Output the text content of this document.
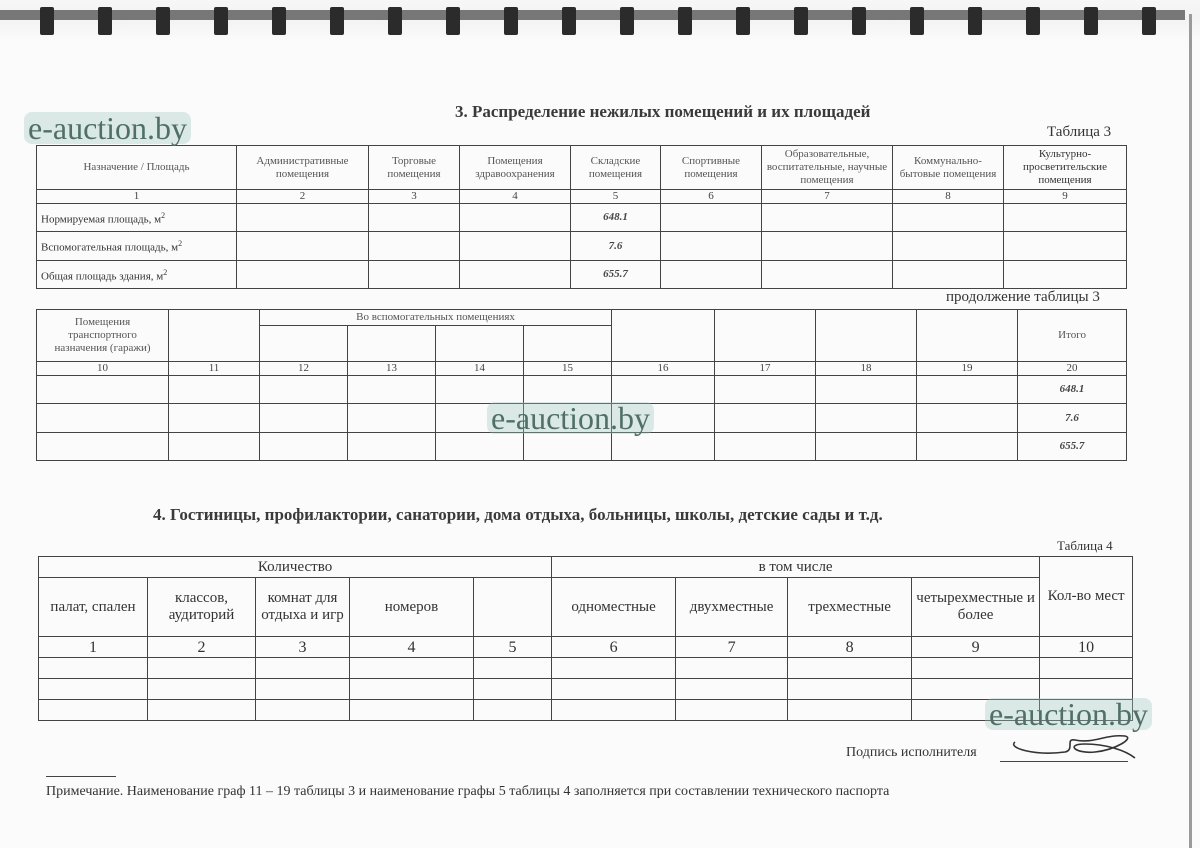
3. Распределение нежилых помещений и их площадей
Таблица 3
Назначение / Площадь	Административные помещения	Торговые помещения	Помещения здравоохранения	Складские помещения	Спортивные помещения	Образовательные, воспитательные, научные помещения	Коммунально-бытовые помещения	Культурно-просветительские помещения
1	2	3	4	5	6	7	8	9
Нормируемая площадь, $м^2$				648.1				
Вспомогательная площадь, $м^2$				7.6				
Общая площадь здания, $м^2$				655.7				
продолжение таблицы 3
Помещения транспортного назначения (гаражи)		Во вспомогательных помещениях								Итого

10	11	12	13	14	15	16	17	18	19	20
										648.1
										7.6
										655.7
4. Гостиницы, профилактории, санатории, дома отдыха, больницы, школы, детские сады и т.д.
Таблица 4
Количество					в том числе				Кол-во мест
палат, спален	классов, аудиторий	комнат для отдыха и игр	номеров		одноместные	двухместные	трехместные	четырехместные и более	
1	2	3	4	5	6	7	8	9	10

Подпись исполнителя
Примечание. Наименование граф 11 – 19 таблицы 3 и наименование графы 5 таблицы 4 заполняется при составлении технического паспорта
e-auction.by
e-auction.by
e-auction.by
